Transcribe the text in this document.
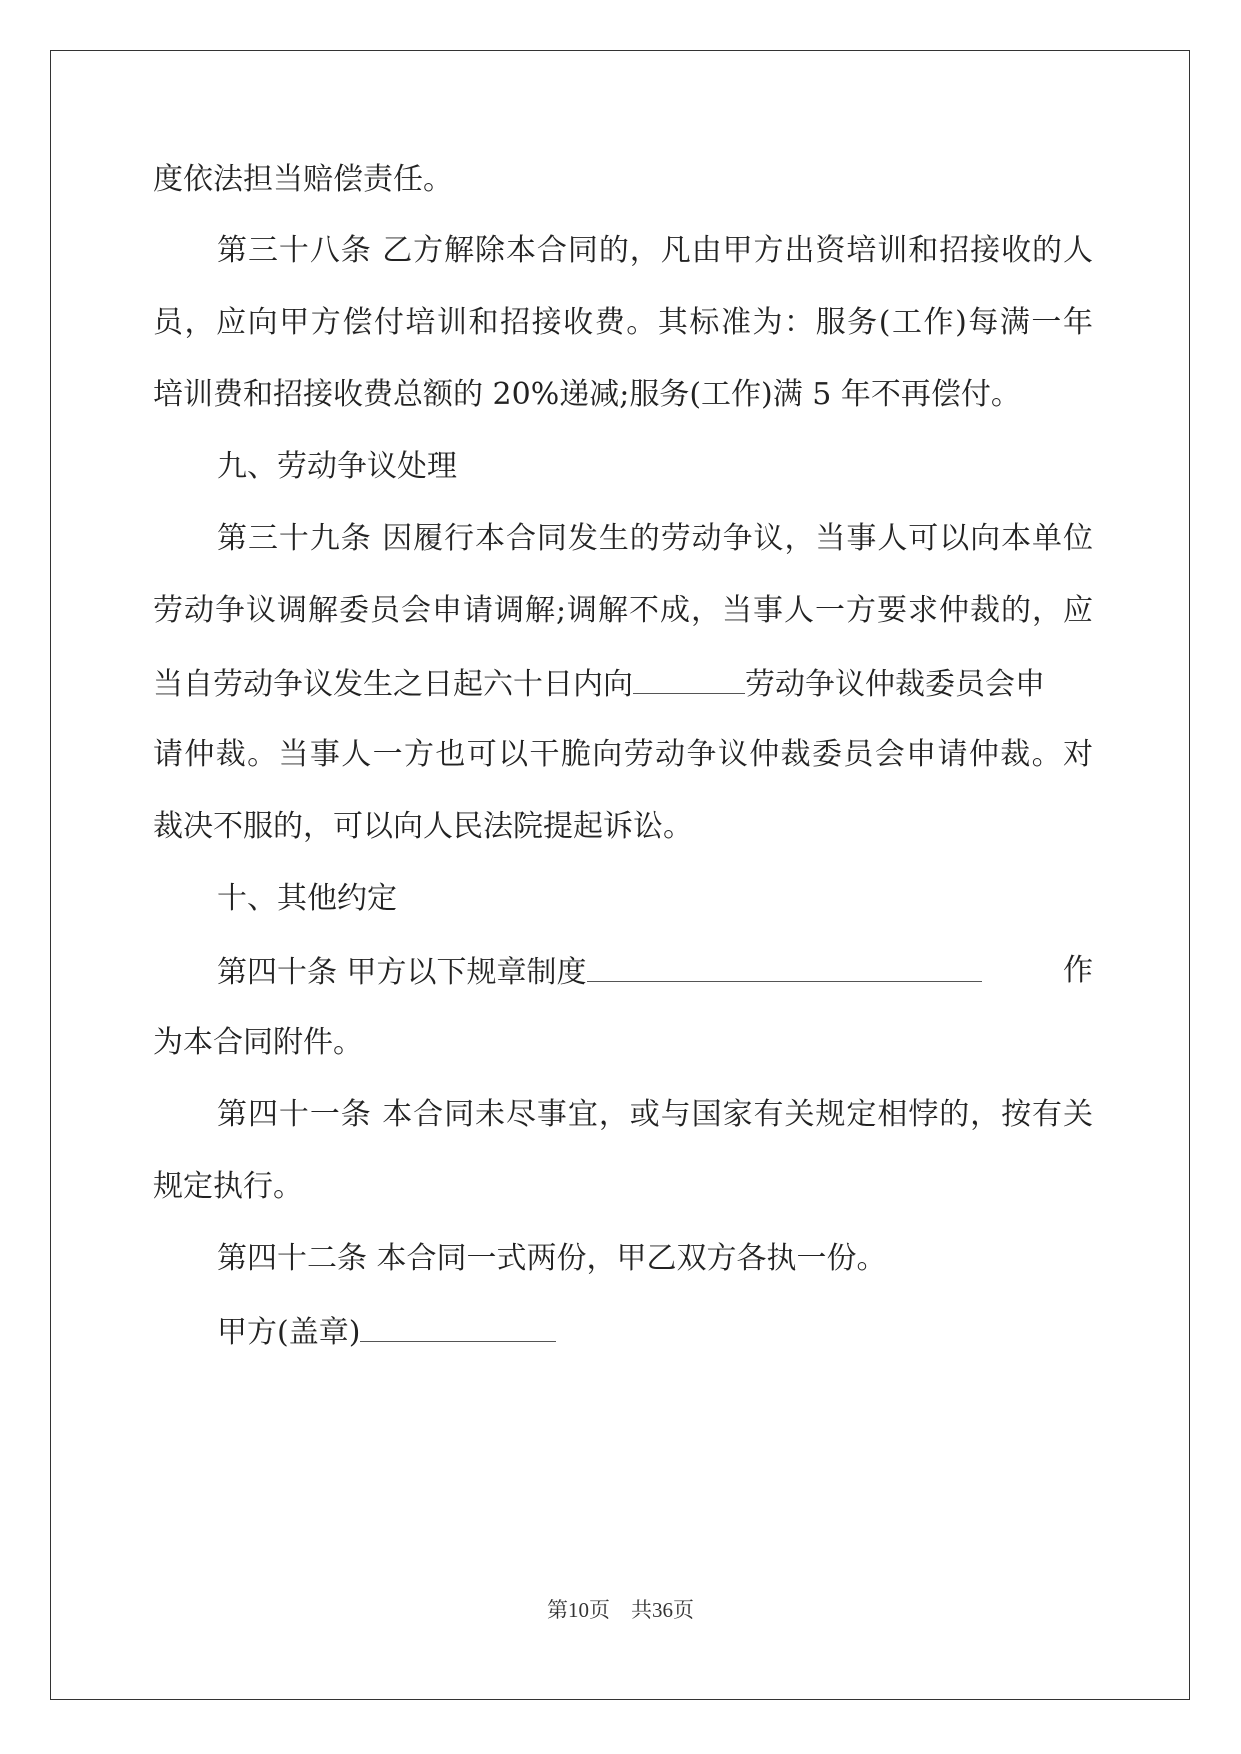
度依法担当赔偿责任。
第三十八条 乙方解除本合同的，凡由甲方出资培训和招接收的人
员，应向甲方偿付培训和招接收费。其标准为：服务(工作)每满一年
培训费和招接收费总额的 20%递减;服务(工作)满 5 年不再偿付。
九、劳动争议处理
第三十九条 因履行本合同发生的劳动争议，当事人可以向本单位
劳动争议调解委员会申请调解;调解不成，当事人一方要求仲裁的，应
当自劳动争议发生之日起六十日内向	劳动争议仲裁委员会申
请仲裁。当事人一方也可以干脆向劳动争议仲裁委员会申请仲裁。对
裁决不服的，可以向人民法院提起诉讼。
十、其他约定
第四十条 甲方以下规章制度	作
为本合同附件。
第四十一条 本合同未尽事宜，或与国家有关规定相悖的，按有关
规定执行。
第四十二条 本合同一式两份，甲乙双方各执一份。
甲方(盖章)
第10页　共36页
